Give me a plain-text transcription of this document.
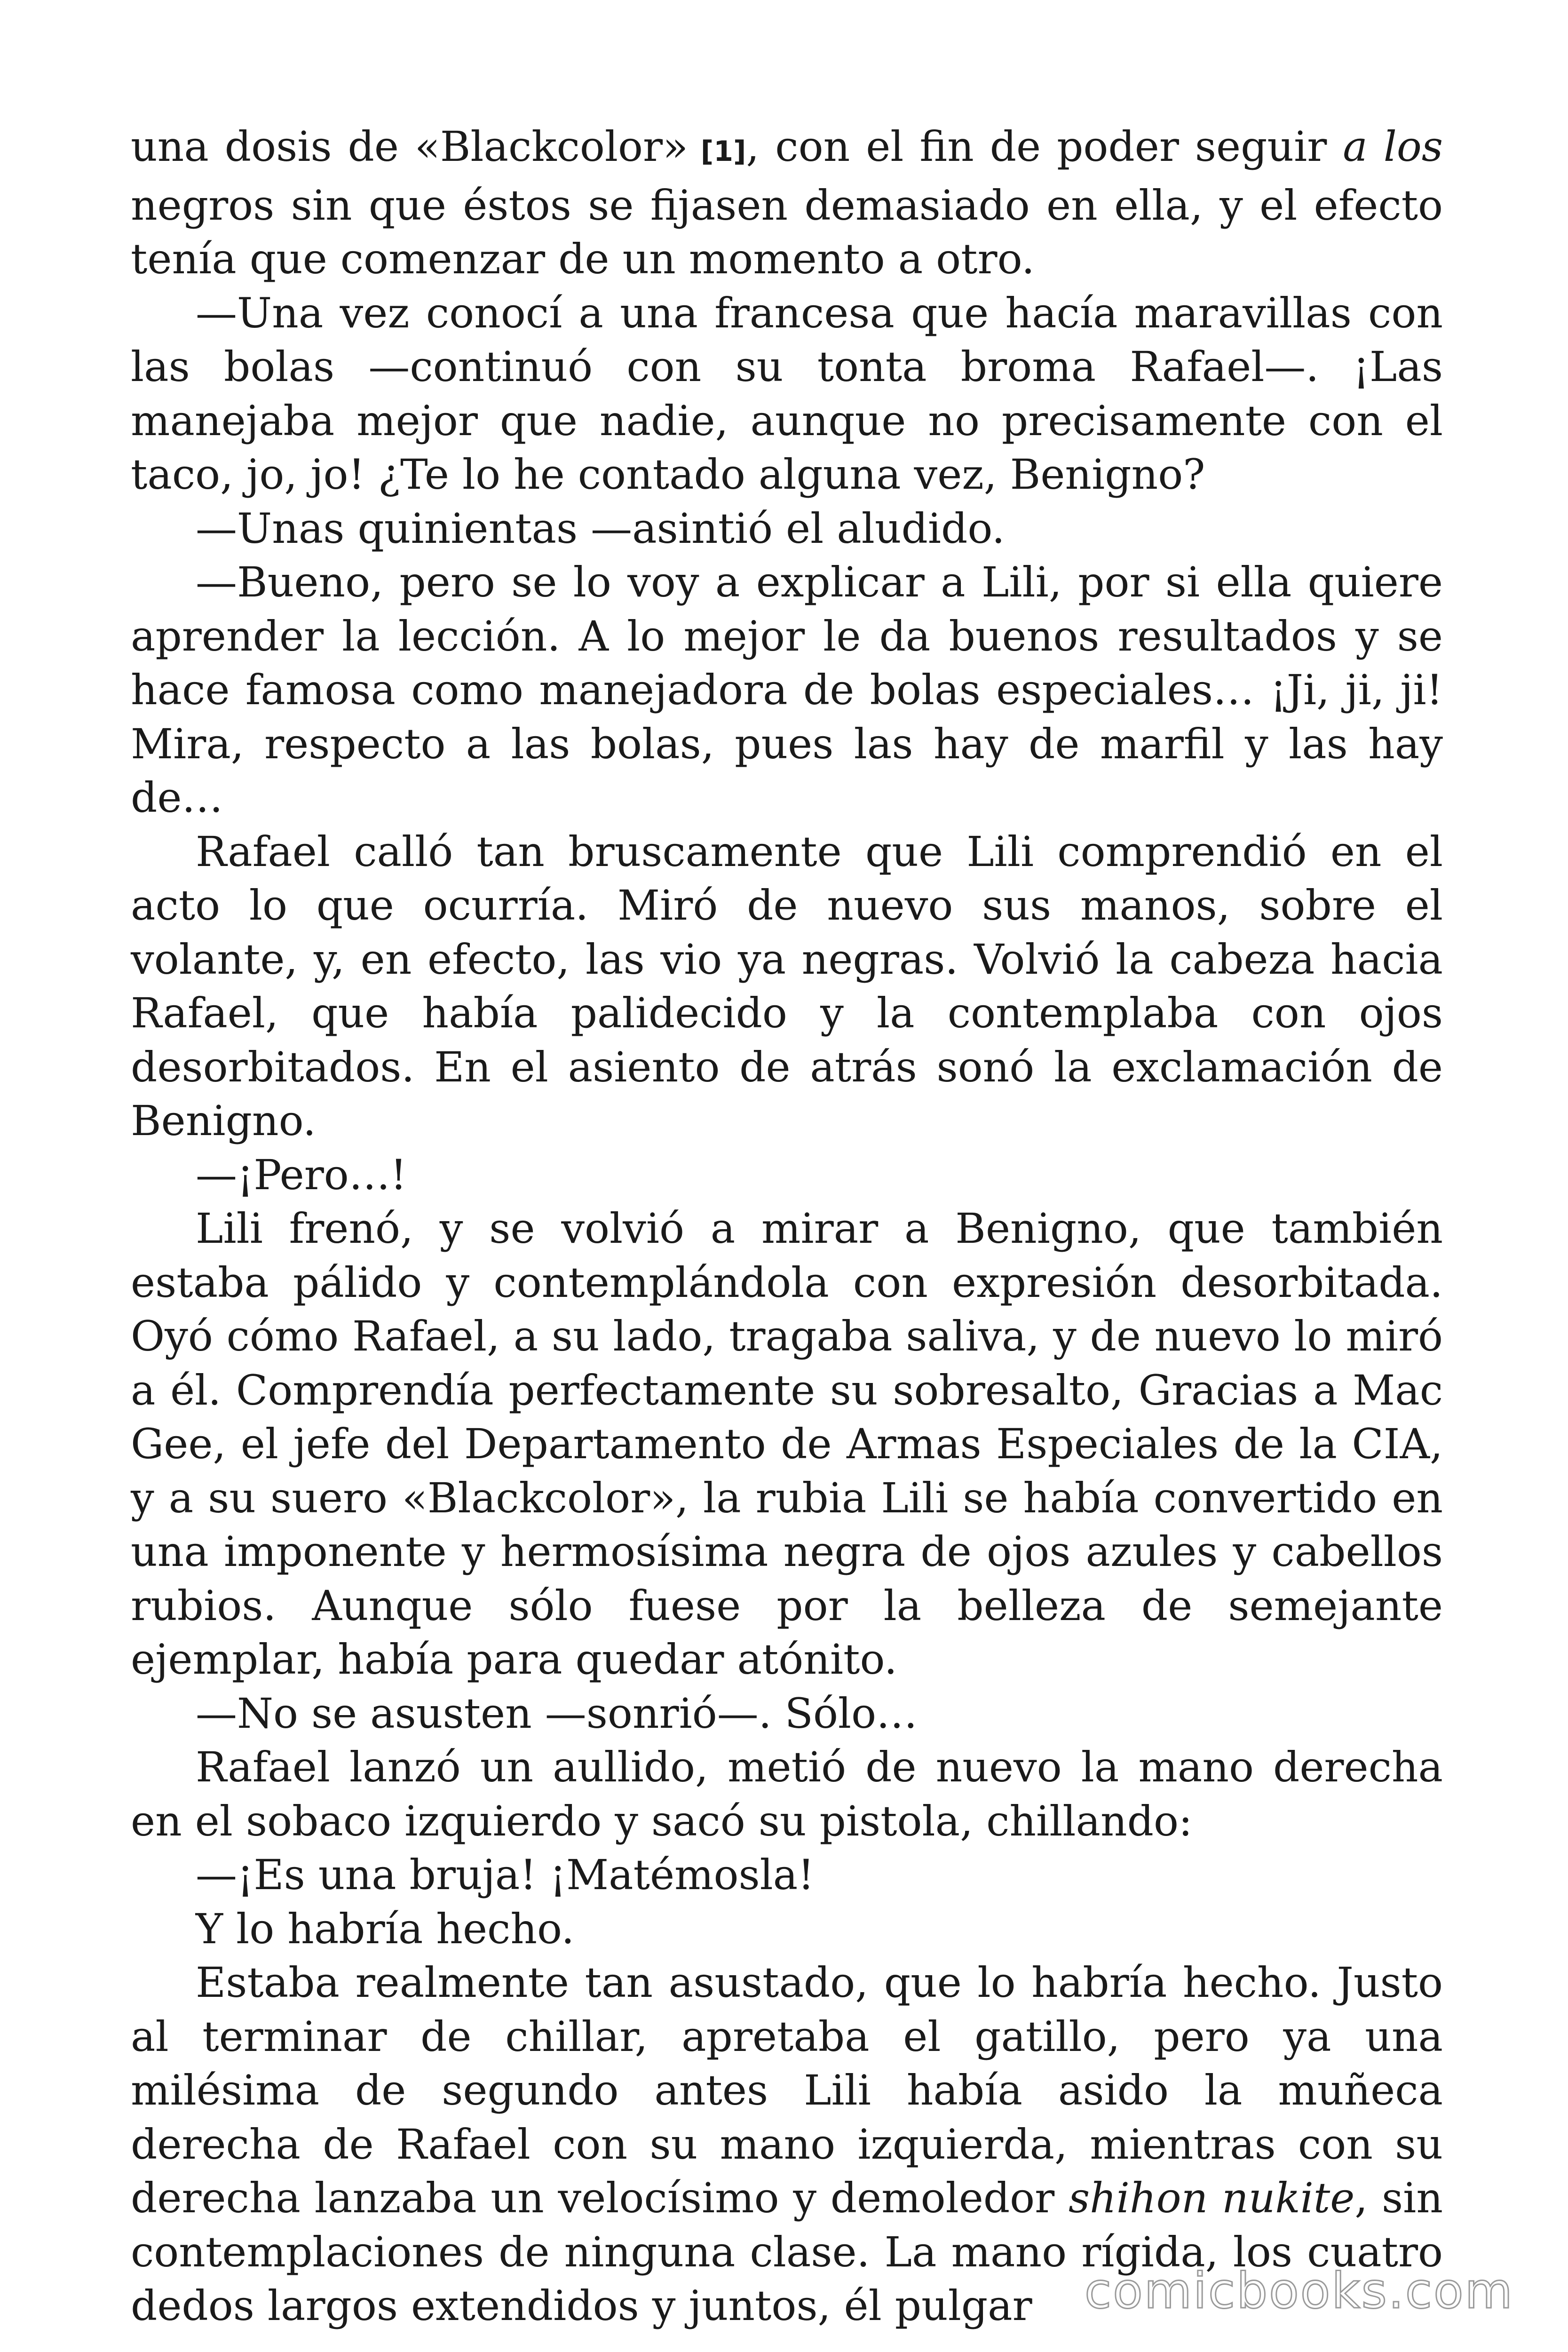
una dosis de «Blackcolor» [1], con el fin de poder seguir a los negros sin que éstos se fijasen demasiado en ella, y el efecto tenía que comenzar de un momento a otro.

—Una vez conocí a una francesa que hacía maravillas con las bolas —continuó con su tonta broma Rafael—. ¡Las manejaba mejor que nadie, aunque no precisamente con el taco, jo, jo! ¿Te lo he contado alguna vez, Benigno?

—Unas quinientas —asintió el aludido.

—Bueno, pero se lo voy a explicar a Lili, por si ella quiere aprender la lección. A lo mejor le da buenos resultados y se hace famosa como manejadora de bolas especiales… ¡Ji, ji, ji! Mira, respecto a las bolas, pues las hay de marfil y las hay de…

Rafael calló tan bruscamente que Lili comprendió en el acto lo que ocurría. Miró de nuevo sus manos, sobre el volante, y, en efecto, las vio ya negras. Volvió la cabeza hacia Rafael, que había palidecido y la contemplaba con ojos desorbitados. En el asiento de atrás sonó la exclamación de Benigno.

—¡Pero…!

Lili frenó, y se volvió a mirar a Benigno, que también estaba pálido y contemplándola con expresión desorbitada. Oyó cómo Rafael, a su lado, tragaba saliva, y de nuevo lo miró a él. Comprendía perfectamente su sobresalto, Gracias a Mac Gee, el jefe del Departamento de Armas Especiales de la CIA, y a su suero «Blackcolor», la rubia Lili se había convertido en una imponente y hermosísima negra de ojos azules y cabellos rubios. Aunque sólo fuese por la belleza de semejante ejemplar, había para quedar atónito.

—No se asusten —sonrió—. Sólo…

Rafael lanzó un aullido, metió de nuevo la mano derecha en el sobaco izquierdo y sacó su pistola, chillando:

—¡Es una bruja! ¡Matémosla!

Y lo habría hecho.

Estaba realmente tan asustado, que lo habría hecho. Justo al terminar de chillar, apretaba el gatillo, pero ya una milésima de segundo antes Lili había asido la muñeca derecha de Rafael con su mano izquierda, mientras con su derecha lanzaba un velocísimo y demoledor shihon nukite, sin contemplaciones de ninguna clase. La mano rígida, los cuatro dedos largos extendidos y juntos, él pulgar	comicbooks.com
